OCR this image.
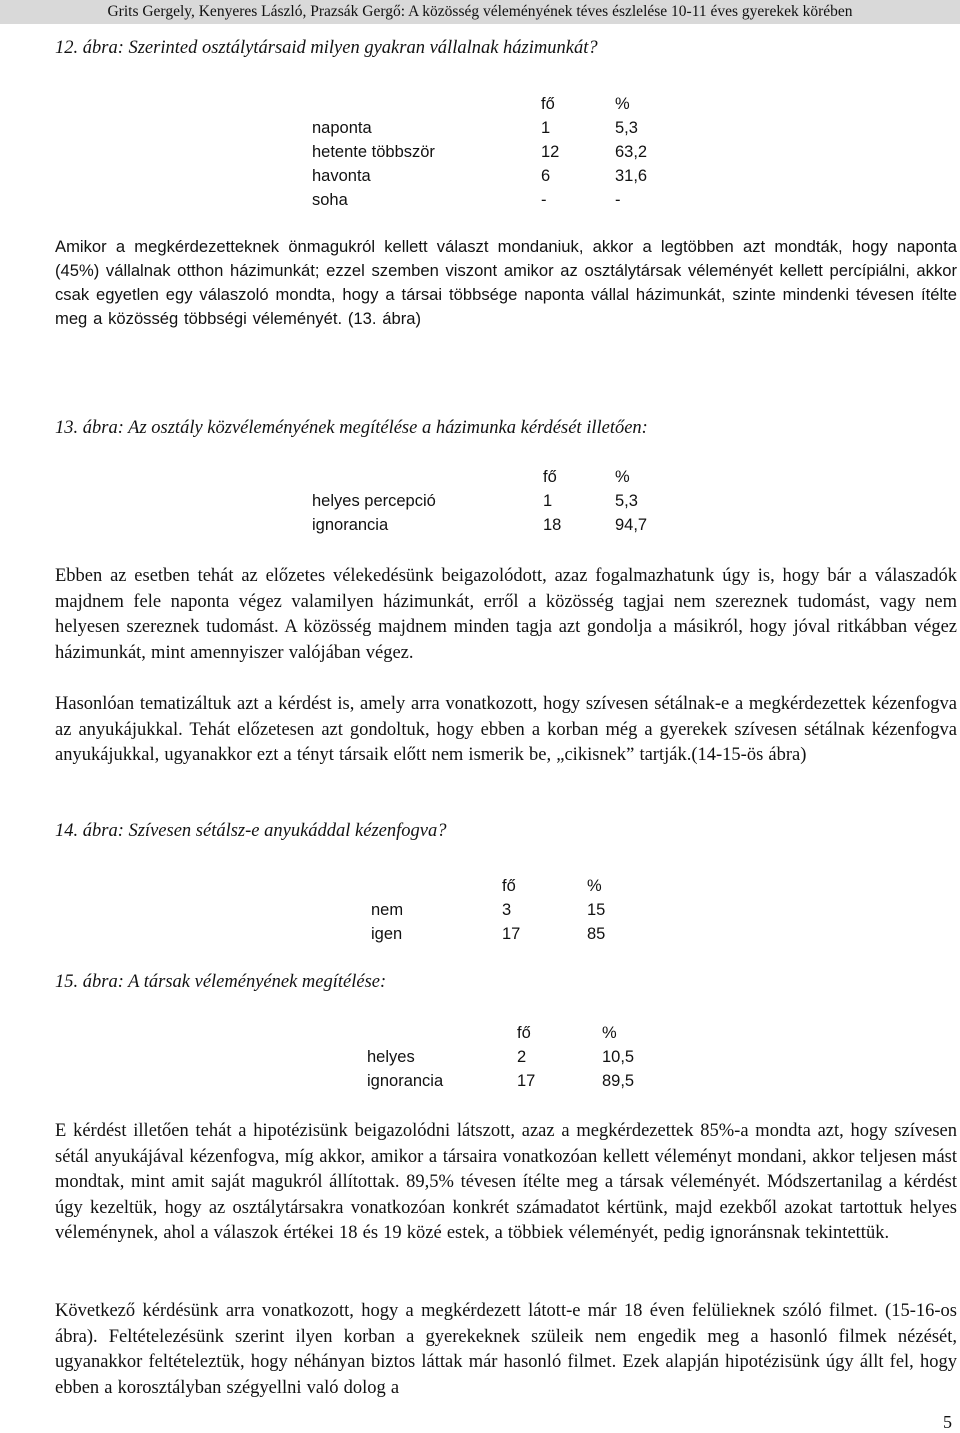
Grits Gergely, Kenyeres László, Prazsák Gergő: A közösség véleményének téves észlelése 10-11 éves gyerekek körében
12. ábra: Szerinted osztálytársaid milyen gyakran vállalnak házimunkát?
	fő	%
naponta	1	5,3
hetente többször	12	63,2
havonta	6	31,6
soha	-	-
Amikor a megkérdezetteknek önmagukról kellett választ mondaniuk, akkor a legtöbben azt mondták, hogy naponta (45%) vállalnak otthon házimunkát; ezzel szemben viszont amikor az osztálytársak véleményét kellett percípiálni, akkor csak egyetlen egy válaszoló mondta, hogy a társai többsége naponta vállal házimunkát, szinte mindenki tévesen ítélte meg a közösség többségi véleményét. (13. ábra)
13. ábra: Az osztály közvéleményének megítélése a házimunka kérdését illetően:
	fő	%
helyes percepció	1	5,3
ignorancia	18	94,7
Ebben az esetben tehát az előzetes vélekedésünk beigazolódott, azaz fogalmazhatunk úgy is, hogy bár a válaszadók majdnem fele naponta végez valamilyen házimunkát, erről a közösség tagjai nem szereznek tudomást, vagy nem helyesen szereznek tudomást. A közösség majdnem minden tagja azt gondolja a másikról, hogy jóval ritkábban végez házimunkát, mint amennyiszer valójában végez.
Hasonlóan tematizáltuk azt a kérdést is, amely arra vonatkozott, hogy szívesen sétálnak-e a megkérdezettek kézenfogva az anyukájukkal. Tehát előzetesen azt gondoltuk, hogy ebben a korban még a gyerekek szívesen sétálnak kézenfogva anyukájukkal, ugyanakkor ezt a tényt társaik előtt nem ismerik be, „cikisnek” tartják.(14-15-ös ábra)
14. ábra: Szívesen sétálsz-e anyukáddal kézenfogva?
	fő	%
nem	3	15
igen	17	85
15. ábra: A társak véleményének megítélése:
	fő	%
helyes	2	10,5
ignorancia	17	89,5
E kérdést illetően tehát a hipotézisünk beigazolódni látszott, azaz a megkérdezettek 85%-a mondta azt, hogy szívesen sétál anyukájával kézenfogva, míg akkor, amikor a társaira vonatkozóan kellett véleményt mondani, akkor teljesen mást mondtak, mint amit saját magukról állítottak. 89,5% tévesen ítélte meg a társak véleményét. Módszertanilag a kérdést úgy kezeltük, hogy az osztálytársakra vonatkozóan konkrét számadatot kértünk, majd ezekből azokat tartottuk helyes véleménynek, ahol a válaszok értékei 18 és 19 közé estek, a többiek véleményét, pedig ignoránsnak tekintettük.
Következő kérdésünk arra vonatkozott, hogy a megkérdezett látott-e már 18 éven felülieknek szóló filmet. (15-16-os ábra). Feltételezésünk szerint ilyen korban a gyerekeknek szüleik nem engedik meg a hasonló filmek nézését, ugyanakkor feltételeztük, hogy néhányan biztos láttak már hasonló filmet. Ezek alapján hipotézisünk úgy állt fel, hogy ebben a korosztályban szégyellni való dolog a
5
